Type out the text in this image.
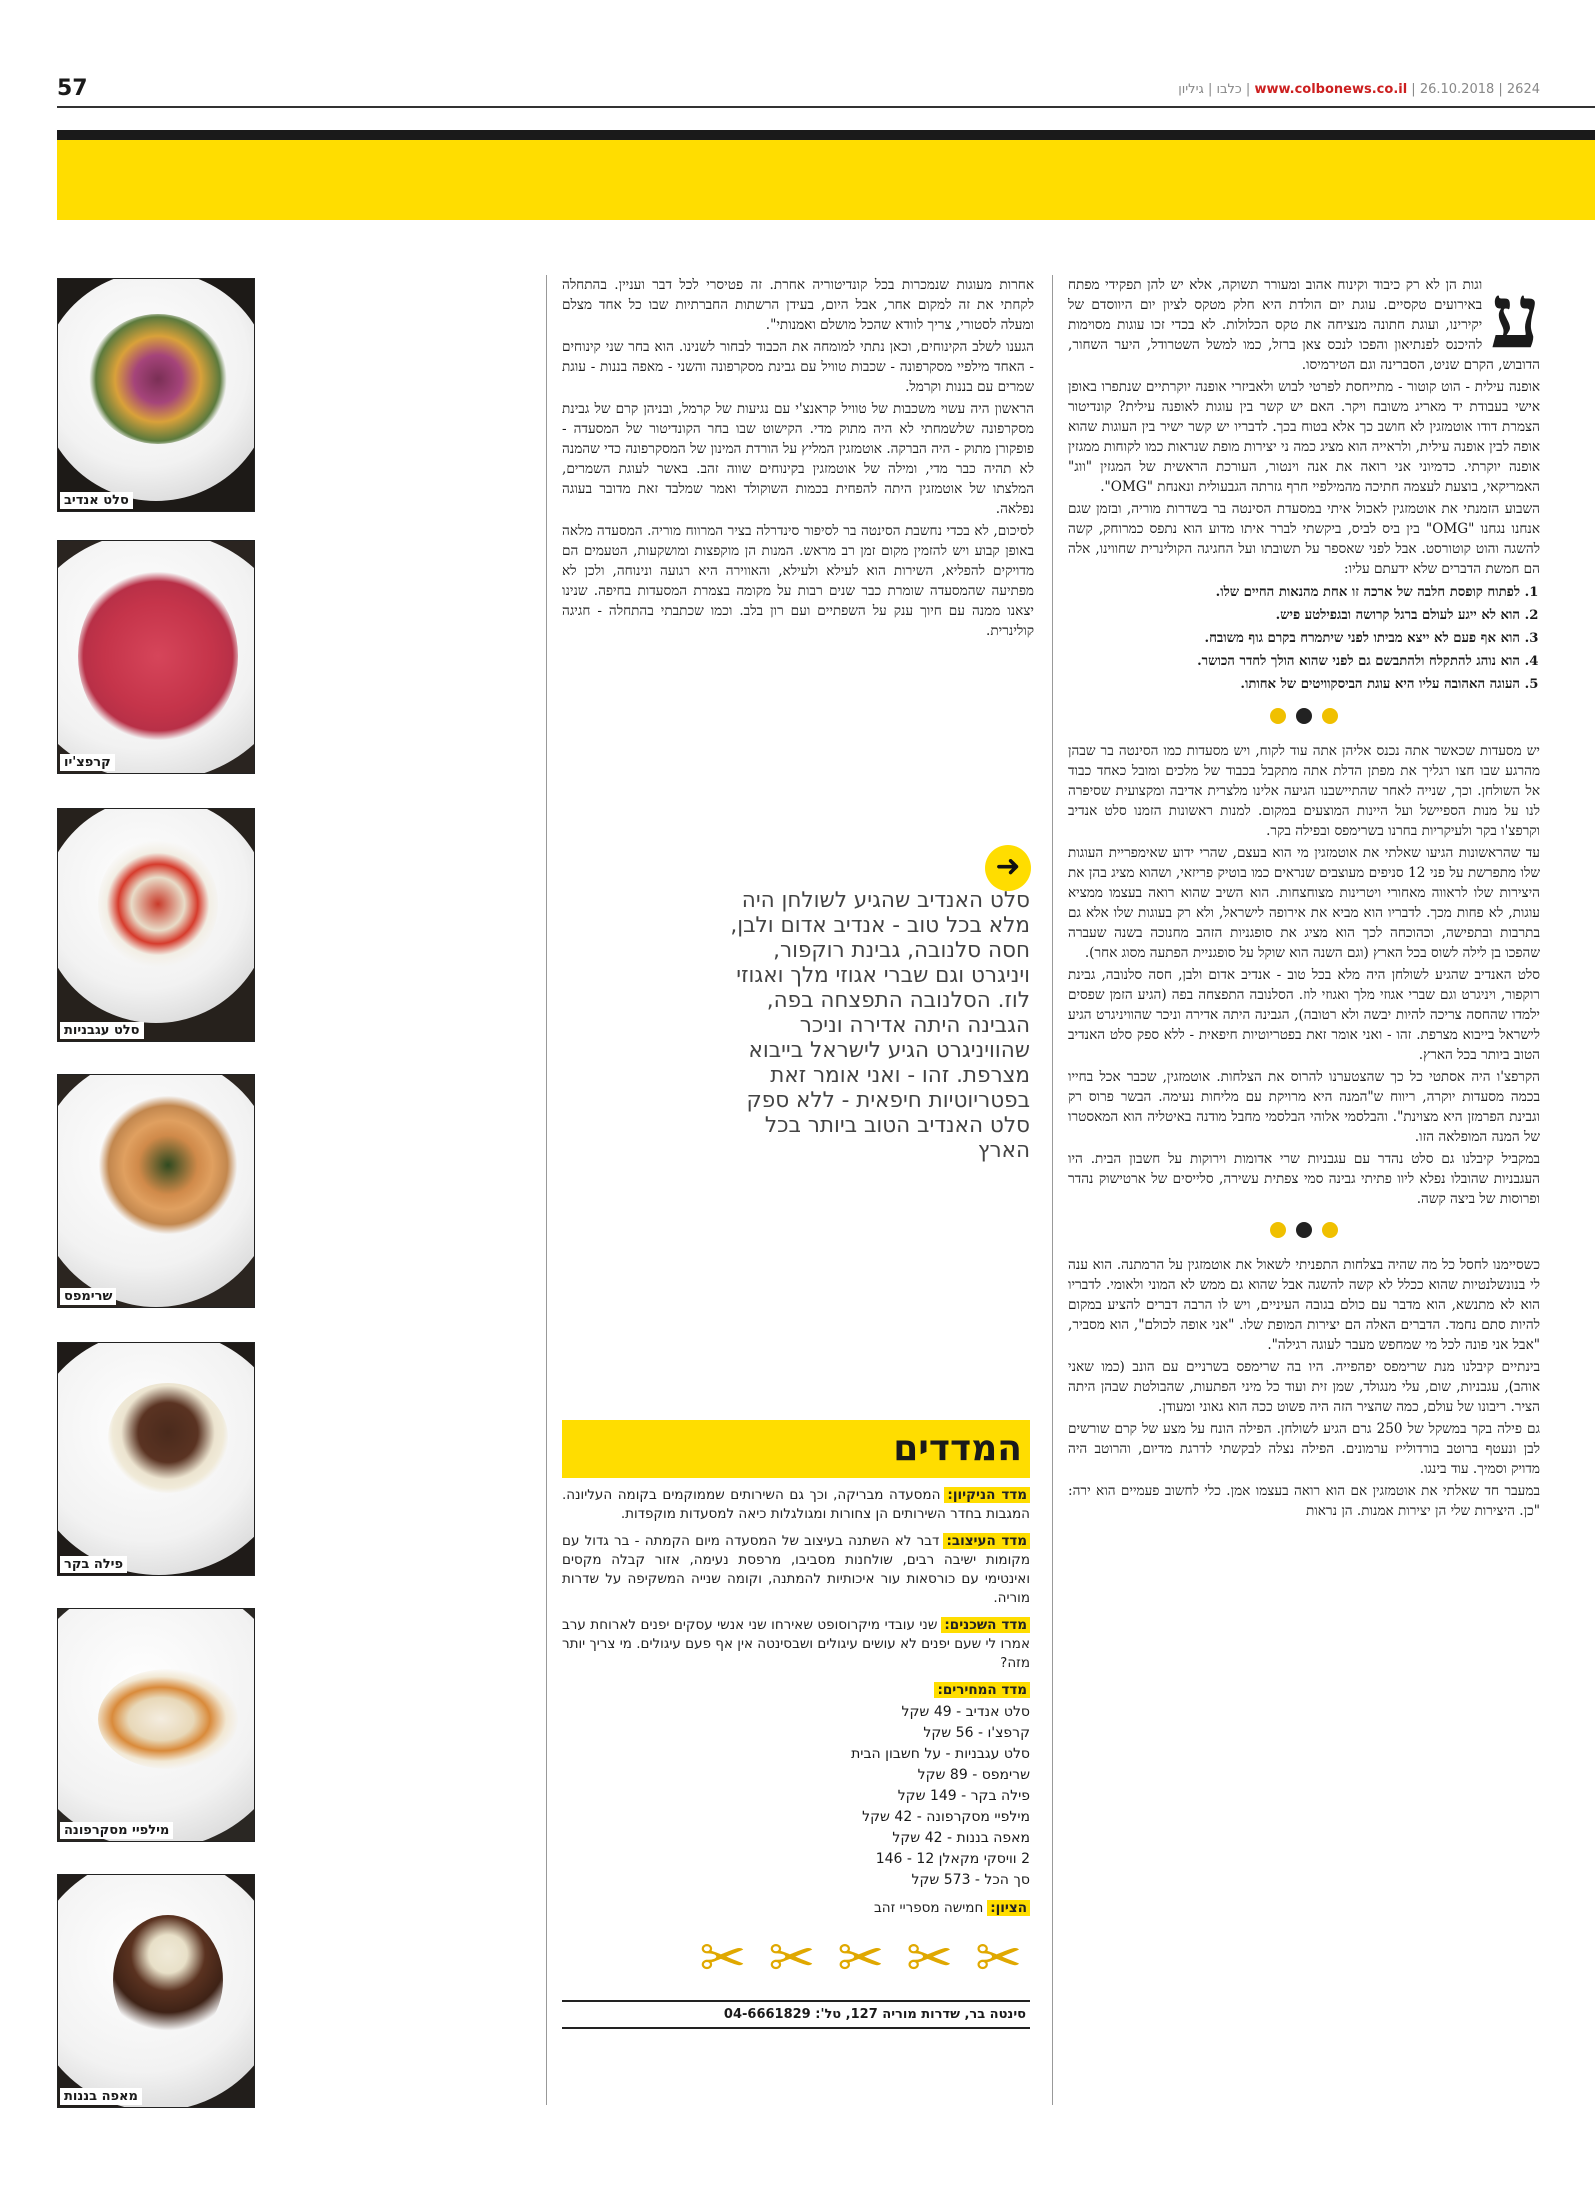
57	www.colbonews.co.il | 26.10.2018 | 2624 | כלבו | גיליון
סלט אנדיב
קרפצ'יו
סלט עגבניות
שרימפס
פילה בקר
מילפיי מסקרפונה
מאפה בננות
ע

וגות הן לא רק כיבוד וקינוח אהוב ומעורר תשוקה, אלא יש להן תפקידי מפתח באירועים טקסיים. עוגת יום הולדת היא חלק מטקס לציון יום היווסדם של יקירינו, ועוגת חתונה מנציחה את טקס הכלולות. לא בכדי זכו עוגות מסוימות להיכנס לפנתיאון והפכו לנכס צאן ברזל, כמו למשל השטרודל, היער השחור, הדובוש, הקרם שניט, הסברינה וגם הטירמיסו.

אופנה עילית - הוט קוטור - מתייחסת לפרטי לבוש ולאביזרי אופנה יוקרתיים שנתפרו באופן אישי בעבודת יד מאריג משובח ויקר. האם יש קשר בין עוגות לאופנה עילית? קונדיטור הצמרת דודו אוטמזגין לא חושב כך אלא בטוח בכך. לדבריו יש קשר ישיר בין העוגות שהוא אופה לבין אופנה עילית, ולראייה הוא מציג כמה ני יצירות מופת שנראות כמו לקוחות ממגזין אופנה יוקרתי. כדמיוני אני רואה את אנה וינטור, העורכת הראשית של המגזין "ווג" האמריקאי, בוצעת לעצמה חתיכה מהמילפיי חרף גזרתה הגבעולית ונאנחת "OMG".

השבוע הזמנתי את אוטמזגין לאכול איתי במסעדת הסינטה בר בשדרות מוריה, ובזמן שגם אנחנו נגחנו "OMG" בין ביס לביס, ביקשתי לברר איתו מדוע הוא נתפס כמרוחק, קשה להשגה והוט קוטורסט. אבל לפני שאספר על תשובתו ועל החגיגה הקולינרית שחווינו, אלה הם חמשת הדברים שלא ידעתם עליו:

1. לפתוח קופסת חלבה של ארכה זו אחת מהנאות החיים שלו.
2. הוא לא ייגע לעולם ברגל קרושה ובגפילטע פיש.
3. הוא אף פעם לא ייצא מביתו לפני שיתמרח בקרם גוף משובח.
4. הוא נוהג להתקלח ולהתבשם גם לפני שהוא הולך לחדר הכושר.
5. העוגה האהובה עליו היא עוגת הביסקוויטים של אחותו.

יש מסעדות שכאשר אתה נכנס אליהן אתה עוד לקוח, ויש מסעדות כמו הסינטה בר שבהן מהרגע שבו חצו רגליך את מפתן הדלת אתה מתקבל בכבוד של מלכים ומובל כאחד כבוד אל השולחן. וכך, שנייה לאחר שהתיישבנו הגיעה אלינו מלצרית אדיבה ומקצועית שסיפרה לנו על מנות הספיישל ועל היינות המוצעים במקום. למנות ראשונות הזמנו סלט אנדיב וקרפצ'ו בקר ולעיקריות בחרנו בשרימפס ובפילה בקר.

עד שהראשונות הגיעו שאלתי את אוטמזגין מי הוא בעצם, שהרי ידוע שאימפריית העוגות שלו מתפרשת על פני 12 סניפים מעוצבים שנראים כמו בוטיק פריזאי, ושהוא מציג בהן את היצירות שלו לראווה מאחורי ויטרינות מצוחצחות. הוא השיב שהוא רואה בעצמו ממציא עוגות, לא פחות מכך. לדבריו הוא מביא את אירופה לישראל, ולא רק בעוגות שלו אלא גם בתרבות ובתפישה, וכהוכחה לכך הוא מציג את סופגניות הזהב מחנוכה בשנה שעברה שהפכו בן לילה לשוס בכל הארץ (וגם השנה הוא שוקל על סופגניית הפתעה מסוג אחר).

סלט האנדיב שהגיע לשולחן היה מלא בכל טוב - אנדיב אדום ולבן, חסה סלנובה, גבינת רוקפור, ויניגרט וגם שברי אגוזי מלך ואגוזי לוז. הסלנובה התפצחה בפה (הגיע הזמן שפסים ילמדו שהחסה צריכה להיות יבשה ולא רטובה), הגבינה היתה אדירה וניכר שהוויניגרט הגיע לישראל בייבוא מצרפת. זהו - ואני אומר זאת בפטריוטיות חיפאית - ללא ספק סלט האנדיב הטוב ביותר בכל הארץ.

הקרפצ'ו היה אסתטי כל כך שהצטערנו להרוס את הצלחות. אוטמזגין, שכבר אכל בחייו בכמה מסעדות יוקרה, ריווח ש"המנה היא מרויקת עם מליחות נעימה. הבשר פרוס רק וגבינת הפרמזן היא מצוינת". והבלסמי אלוהי הבלסמי מחבל מודנה באיטליה הוא המאסטרו של המנה המופלאה הזו.

במקביל קיבלנו גם סלט נהדר עם עגבניות שרי אדומות וירוקות על חשבון הבית. היו העגבניות שהובלו נפלא ליוו פתיתי גבינה סמי צפתית עשירה, סלייסים של ארטישוק נהדר ופרוסות של ביצה קשה.

כשסיימנו לחסל כל מה שהיה בצלחות התפניתי לשאול את אוטמזגין על הרמתנה. הוא ענה לי בנונשלנטיות שהוא ככלל לא קשה להשגה אבל שהוא גם ממש לא המוני ולאומי. לדבריו הוא לא מתנשא, הוא מדבר עם כולם בגובה העיניים, ויש לו הרבה דברים להציע במקום להיות סתם נחמד. הדברים האלה הם יצירות המופת שלו. "אני אופה לכולם", הוא מסביר, "אבל אני פונה לכל מי שמחפש מעבר לעוגה רגילה".

בינתיים קיבלנו מנת שרימפס יפהפייה. היו בה שרימפס בשרניים עם הונב (כמו שאני אוהב), עגבניות, שום, עלי מנגולד, שמן זית ועוד כל מיני הפתעות, שהבולטת שבהן היתה הציר. ריבונו של עולם, כמה שהציר הזה היה פשוט ככה הוא גאוני ומעודן.

גם פילה בקר במשקל של 250 גרם הגיע לשולחן. הפילה הונח על מצע של קרם שורשים לבן ונעטף ברוטב בורדולייז ערמונים. הפילה נצלה לבקשתי לדרגת מדיום, והרוטב היה מדויק וסמיך. עוד בינגו.

במעבר חד שאלתי את אוטמזגין אם הוא רואה בעצמו אמן. כלי לחשוב פעמיים הוא ירה: "כן. היצירות שלי הן יצירות אמנות. הן נראות

אחרות מעוגות שנמכרות בכל קונדיטוריה אחרת. זה פטיסרי לכל דבר ועניין. בהתחלה לקחתי את זה למקום אחר, אבל היום, בעידן הרשתות החברתיות שבו כל אחד מצלם ומעלה לסטורי, צריך לוודא שהכל מושלם ואמנותי".

הגענו לשלב הקינוחים, וכאן נתתי למומחה את הכבוד לבחור לשנינו. הוא בחר שני קינוחים - האחד מילפיי מסקרפונה - שכבות טוויל עם גבינת מסקרפונה והשני - מאפה בננות - עוגת שמרים עם בננות וקרמל.

הראשון היה עשוי משכבות של טוויל קראנצ'י עם נגיעות של קרמל, ובניהן קרם של גבינת מסקרפונה שלשמחתי לא היה מתוק מדי. הקישוט שבו בחר הקונדיטור של המסעדה - פופקורן מתוק - היה הברקה. אוטמזגין המליץ על הורדת המינון של המסקרפונה כדי שהמנה לא תהיה כבר מדי, ומילה של אוטמזגין בקינוחים שווה זהב. באשר לעוגת השמרים, המלצתו של אוטמזגין היתה להפחית בכמות השוקולד ואמר שמלבד זאת מדובר בעוגה נפלאה.

לסיכום, לא בכדי נחשבת הסינטה בר לסיפור סינדרלה בציר המרווח מוריה. המסעדה מלאה באופן קבוע ויש להזמין מקום זמן רב מראש. המנות הן מוקפצות ומושקעות, הטעמים הם מדויקים להפליא, השירות הוא לעילא ולעילא, והאווירה היא רגועה ונינוחה, ולכן לא מפתיעה שהמסעדה שומרת כבר שנים רבות על מקומה בצמרת המסעדות בחיפה. שנינו יצאנו ממנה עם חיוך ענק על השפתיים ועם רון בלב. וכמו שכתבתי בהתחלה - חגיגה קולינרית.

➜
סלט האנדיב שהגיע לשולחן היה מלא בכל טוב - אנדיב אדום ולבן, חסה סלנובה, גבינת רוקפור, ויניגרט וגם שברי אגוזי מלך ואגוזי לוז. הסלנובה התפצחה בפה, הגבינה היתה אדירה וניכר שהוויניגרט הגיע לישראל בייבוא מצרפת. זהו - ואני אומר זאת בפטריוטיות חיפאית - ללא ספק סלט האנדיב הטוב ביותר בכל הארץ
המדדים
מדד הניקיון:המסעדה מבריקה, וכך גם השירותים שממוקמים בקומה העליונה. המגבות בחדר השירותים הן צחורות ומגולגלות כיאה למסעדות מוקפדות.
מדד העיצוב:דבר לא השתנה בעיצוב של המסעדה מיום הקמתה - בר גדול עם מקומות ישיבה רבים, שולחנות מסביבו, מרפסת נעימה, אזור קבלה מקסים ואינטימי עם כורסאות עור איכותיות להמתנה, וקומה שנייה המשקיפה על שדרות מוריה.
מדד השכנים:שני עובדי מיקרוסופט שאירחו שני אנשי עסקים יפנים לארוחת ערב אמרו לי שעם יפנים לא עושים עיגולים ושבסינטה אין אף פעם עיגולים. מי צריך יותר מזה?
מדד המחירים:
סלט אנדיב - 49 שקל
קרפצ'ו - 56 שקל
סלט עגבניות - על חשבון הבית
שרימפס - 89 שקל
פילה בקר - 149 שקל
מילפיי מסקרפונה - 42 שקל
מאפה בננות - 42 שקל
2 וויסקי מקאלן 12 - 146
סך הכל - 573 שקל
הציון:חמישה מספריי זהב
✂
✂
✂
✂
✂
סינטה בר, שדרות מוריה 127, טל': 04-6661829
